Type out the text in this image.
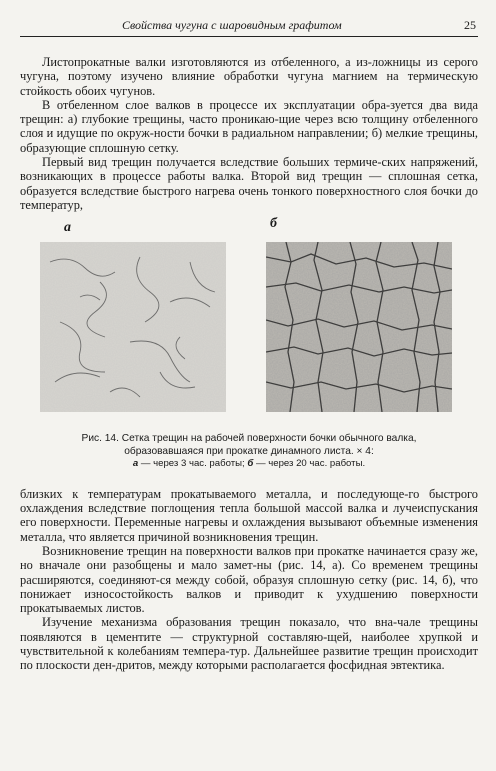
Свойства чугуна с шаровидным графитом	25

Листопрокатные валки изготовляются из отбеленного, а из-ложницы из серого чугуна, поэтому изучено влияние обработки чугуна магнием на термическую стойкость обоих чугунов.

В отбеленном слое валков в процессе их эксплуатации обра-зуется два вида трещин: а) глубокие трещины, часто проникаю-щие через всю толщину отбеленного слоя и идущие по окруж-ности бочки в радиальном направлении; б) мелкие трещины, образующие сплошную сетку.

Первый вид трещин получается вследствие больших термиче-ских напряжений, возникающих в процессе работы валка. Второй вид трещин — сплошная сетка, образуется вследствие быстрого нагрева очень тонкого поверхностного слоя бочки до температур,

а	б

Рис. 14. Сетка трещин на рабочей поверхности бочки обычного валка,
образовавшаяся при прокатке динамного листа. × 4:
а — через 3 час. работы; б — через 20 час. работы.

близких к температурам прокатываемого металла, и последующе-го быстрого охлаждения вследствие поглощения тепла большой массой валка и лучеиспускания его поверхности. Переменные нагревы и охлаждения вызывают объемные изменения металла, что является причиной возникновения трещин.

Возникновение трещин на поверхности валков при прокатке начинается сразу же, но вначале они разобщены и мало замет-ны (рис. 14, а). Со временем трещины расширяются, соединяют-ся между собой, образуя сплошную сетку (рис. 14, б), что понижает износостойкость валков и приводит к ухудшению поверхности прокатываемых листов.

Изучение механизма образования трещин показало, что вна-чале трещины появляются в цементите — структурной составляю-щей, наиболее хрупкой и чувствительной к колебаниям темпера-тур. Дальнейшее развитие трещин происходит по плоскости ден-дритов, между которыми располагается фосфидная эвтектика.
